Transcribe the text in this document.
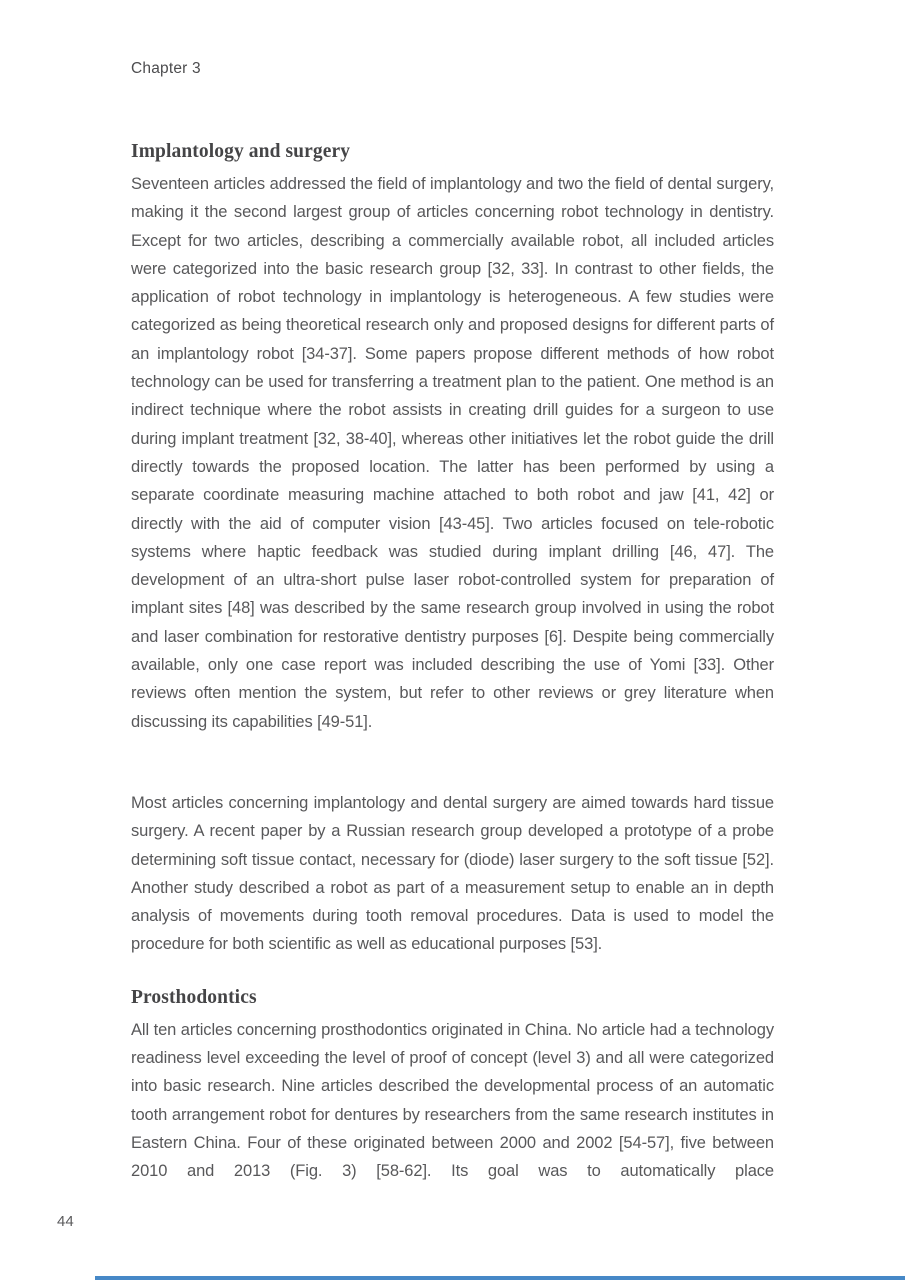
Chapter 3
Implantology and surgery

Seventeen articles addressed the field of implantology and two the field of dental surgery, making it the second largest group of articles concerning robot technology in dentistry. Except for two articles, describing a commercially available robot, all included articles were categorized into the basic research group [32, 33]. In contrast to other fields, the application of robot technology in implantology is heterogeneous. A few studies were categorized as being theoretical research only and proposed designs for different parts of an implantology robot [34-37]. Some papers propose different methods of how robot technology can be used for transferring a treatment plan to the patient. One method is an indirect technique where the robot assists in creating drill guides for a surgeon to use during implant treatment [32, 38-40], whereas other initiatives let the robot guide the drill directly towards the proposed location. The latter has been performed by using a separate coordinate measuring machine attached to both robot and jaw [41, 42] or directly with the aid of computer vision [43-45]. Two articles focused on tele-robotic systems where haptic feedback was studied during implant drilling [46, 47]. The development of an ultra-short pulse laser robot-controlled system for preparation of implant sites [48] was described by the same research group involved in using the robot and laser combination for restorative dentistry purposes [6]. Despite being commercially available, only one case report was included describing the use of Yomi [33]. Other reviews often mention the system, but refer to other reviews or grey literature when discussing its capabilities [49-51].

Most articles concerning implantology and dental surgery are aimed towards hard tissue surgery. A recent paper by a Russian research group developed a prototype of a probe determining soft tissue contact, necessary for (diode) laser surgery to the soft tissue [52]. Another study described a robot as part of a measurement setup to enable an in depth analysis of movements during tooth removal procedures. Data is used to model the procedure for both scientific as well as educational purposes [53].

Prosthodontics

All ten articles concerning prosthodontics originated in China. No article had a technology readiness level exceeding the level of proof of concept (level 3) and all were categorized into basic research. Nine articles described the developmental process of an automatic tooth arrangement robot for dentures by researchers from the same research institutes in Eastern China. Four of these originated between 2000 and 2002 [54-57], five between 2010 and 2013 (Fig. 3) [58-62]. Its goal was to automatically place

44
